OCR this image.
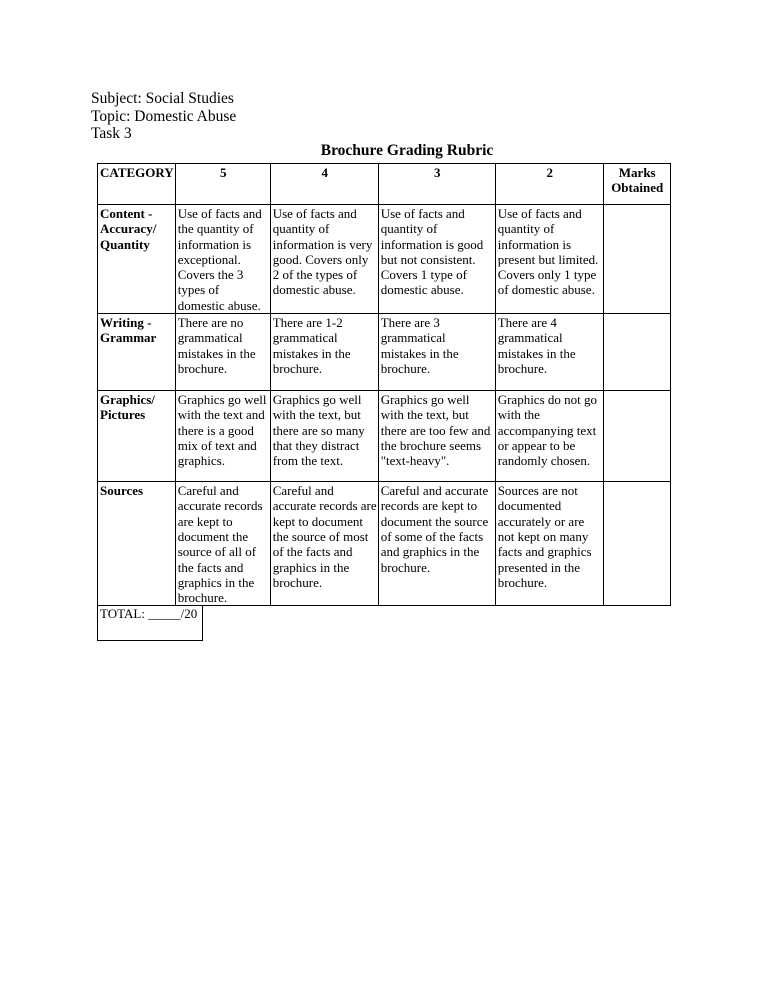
Subject: Social Studies
Topic: Domestic Abuse
Task 3
Brochure Grading Rubric
CATEGORY	5	4	3	2	Marks Obtained
Content - Accuracy/ Quantity	Use of facts and the quantity of information is exceptional. Covers the 3 types of domestic abuse.	Use of facts and quantity of information is very good. Covers only 2 of the types of domestic abuse.	Use of facts and quantity of information is good but not consistent. Covers 1 type of domestic abuse.	Use of facts and quantity of information is present but limited. Covers only 1 type of domestic abuse.	
Writing - Grammar	There are no grammatical mistakes in the brochure.	There are 1-2 grammatical mistakes in the brochure.	There are 3 grammatical mistakes in the brochure.	There are 4 grammatical mistakes in the brochure.	
Graphics/ Pictures	Graphics go well with the text and there is a good mix of text and graphics.	Graphics go well with the text, but there are so many that they distract from the text.	Graphics go well with the text, but there are too few and the brochure seems "text-heavy".	Graphics do not go with the accompanying text or appear to be randomly chosen.	
Sources	Careful and accurate records are kept to document the source of all of the facts and graphics in the brochure.	Careful and accurate records are kept to document the source of most of the facts and graphics in the brochure.	Careful and accurate records are kept to document the source of some of the facts and graphics in the brochure.	Sources are not documented accurately or are not kept on many facts and graphics presented in the brochure.	
TOTAL: _____/20
